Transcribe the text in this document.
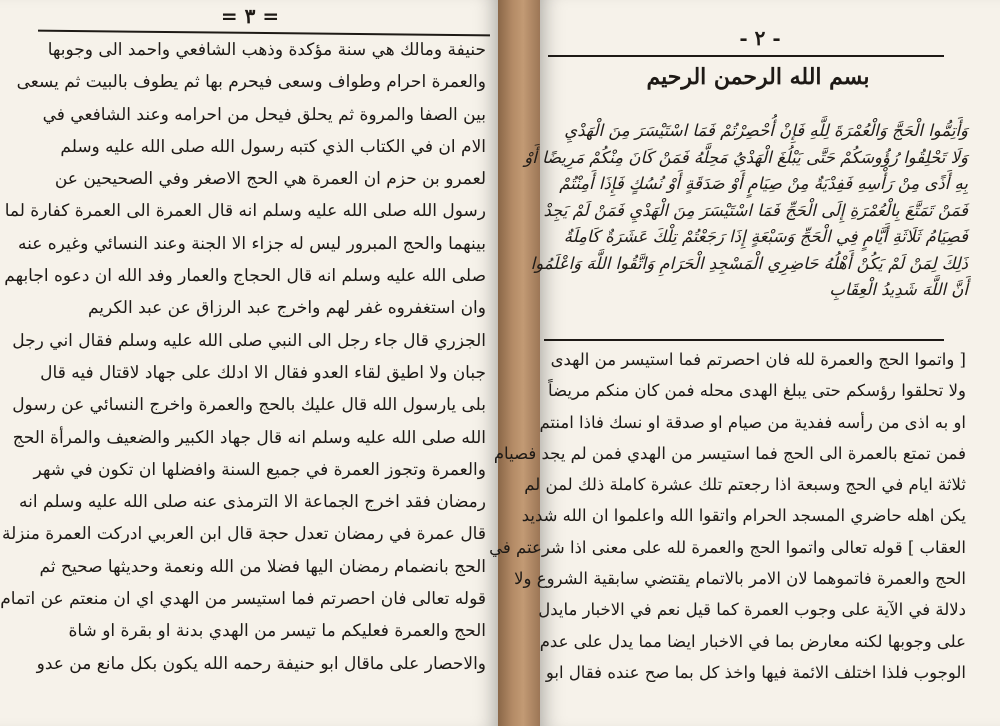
= ٣ =
حنيفة ومالك هي سنة مؤكدة وذهب الشافعي واحمد الى وجوبها
والعمرة احرام وطواف وسعى فيحرم بها ثم يطوف بالبيت ثم يسعى
بين الصفا والمروة ثم يحلق فيحل من احرامه وعند الشافعي في
الام ان في الكتاب الذي كتبه رسول الله صلى الله عليه وسلم
لعمرو بن حزم ان العمرة هي الحج الاصغر وفي الصحيحين عن
رسول الله صلى الله عليه وسلم انه قال العمرة الى العمرة كفارة لما
بينهما والحج المبرور ليس له جزاء الا الجنة وعند النسائي وغيره عنه
صلى الله عليه وسلم انه قال الحجاج والعمار وفد الله ان دعوه اجابهم
وان استغفروه غفر لهم واخرج عبد الرزاق عن عبد الكريم
الجزري قال جاء رجل الى النبي صلى الله عليه وسلم فقال اني رجل
جبان ولا اطيق لقاء العدو فقال الا ادلك على جهاد لاقتال فيه قال
بلى يارسول الله قال عليك بالحج والعمرة واخرج النسائي عن رسول
الله صلى الله عليه وسلم انه قال جهاد الكبير والضعيف والمرأة الحج
والعمرة وتجوز العمرة في جميع السنة وافضلها ان تكون في شهر
رمضان فقد اخرج الجماعة الا الترمذى عنه صلى الله عليه وسلم انه
قال عمرة في رمضان تعدل حجة قال ابن العربي ادركت العمرة منزلة
الحج بانضمام رمضان اليها فضلا من الله ونعمة وحديثها صحيح ثم
قوله تعالى فان احصرتم فما استيسر من الهدي اي ان منعتم عن اتمام
الحج والعمرة فعليكم ما تيسر من الهدي بدنة او بقرة او شاة
والاحصار على ماقال ابو حنيفة رحمه الله يكون بكل مانع من عدو
- ٢ -
بسم الله الرحمن الرحيم
وَأَتِمُّوا الْحَجَّ وَالْعُمْرَةَ لِلَّهِ فَإِنْ أُحْصِرْتُمْ فَمَا اسْتَيْسَرَ مِنَ الْهَدْيِ
وَلَا تَحْلِقُوا رُؤُوسَكُمْ حَتَّى يَبْلُغَ الْهَدْيُ مَحِلَّهُ فَمَنْ كَانَ مِنْكُمْ مَرِيضًا أَوْ
بِهِ أَذًى مِنْ رَأْسِهِ فَفِدْيَةٌ مِنْ صِيَامٍ أَوْ صَدَقَةٍ أَوْ نُسُكٍ فَإِذَا أَمِنْتُمْ
فَمَنْ تَمَتَّعَ بِالْعُمْرَةِ إِلَى الْحَجِّ فَمَا اسْتَيْسَرَ مِنَ الْهَدْيِ فَمَنْ لَمْ يَجِدْ
فَصِيَامُ ثَلَاثَةِ أَيَّامٍ فِي الْحَجِّ وَسَبْعَةٍ إِذَا رَجَعْتُمْ تِلْكَ عَشَرَةٌ كَامِلَةٌ
ذَلِكَ لِمَنْ لَمْ يَكُنْ أَهْلُهُ حَاضِرِي الْمَسْجِدِ الْحَرَامِ وَاتَّقُوا اللَّهَ وَاعْلَمُوا
أَنَّ اللَّهَ شَدِيدُ الْعِقَابِ
[ واتموا الحج والعمرة لله فان احصرتم فما استيسر من الهدى
ولا تحلقوا رؤسكم حتى يبلغ الهدى محله فمن كان منكم مريضاً
او به اذى من رأسه ففدية من صيام او صدقة او نسك فاذا امنتم
فمن تمتع بالعمرة الى الحج فما استيسر من الهدي فمن لم يجد فصيام
ثلاثة ايام في الحج وسبعة اذا رجعتم تلك عشرة كاملة ذلك لمن لم
يكن اهله حاضري المسجد الحرام واتقوا الله واعلموا ان الله شديد
العقاب ] قوله تعالى واتموا الحج والعمرة لله على معنى اذا شرعتم في
الحج والعمرة فاتموهما لان الامر بالاتمام يقتضي سابقية الشروع ولا
دلالة في الآية على وجوب العمرة كما قيل نعم في الاخبار مايدل
على وجوبها لكنه معارض بما في الاخبار ايضا مما يدل على عدم
الوجوب فلذا اختلف الائمة فيها واخذ كل بما صح عنده فقال ابو
